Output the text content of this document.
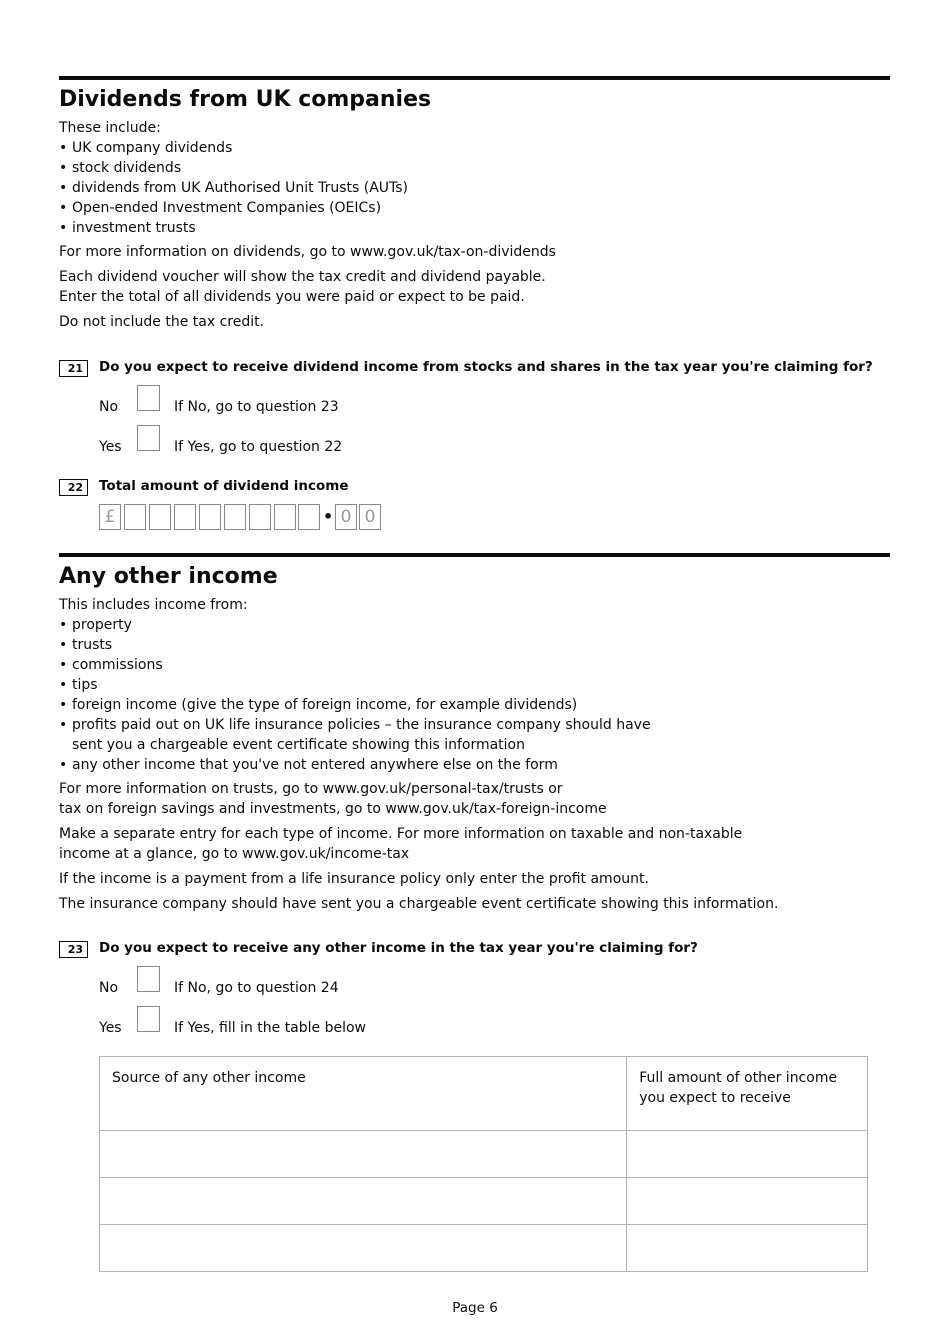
Dividends from UK companies
These include:
• UK company dividends
• stock dividends
• dividends from UK Authorised Unit Trusts (AUTs)
• Open-ended Investment Companies (OEICs)
• investment trusts
For more information on dividends, go to www.gov.uk/tax-on-dividends
Each dividend voucher will show the tax credit and dividend payable.
Enter the total of all dividends you were paid or expect to be paid.
Do not include the tax credit.
21	Do you expect to receive dividend income from stocks and shares in the tax year you're claiming for?
No	If No, go to question 23
Yes	If Yes, go to question 22
22	Total amount of dividend income
£	• 0 0
Any other income
This includes income from:
• property
• trusts
• commissions
• tips
• foreign income (give the type of foreign income, for example dividends)
• profits paid out on UK life insurance policies – the insurance company should have
sent you a chargeable event certificate showing this information
• any other income that you've not entered anywhere else on the form
For more information on trusts, go to www.gov.uk/personal-tax/trusts or
tax on foreign savings and investments, go to www.gov.uk/tax-foreign-income
Make a separate entry for each type of income. For more information on taxable and non-taxable
income at a glance, go to www.gov.uk/income-tax
If the income is a payment from a life insurance policy only enter the profit amount.
The insurance company should have sent you a chargeable event certificate showing this information.
23	Do you expect to receive any other income in the tax year you're claiming for?
No	If No, go to question 24
Yes	If Yes, fill in the table below
Source of any other income	Full amount of other income you expect to receive

Page 6
